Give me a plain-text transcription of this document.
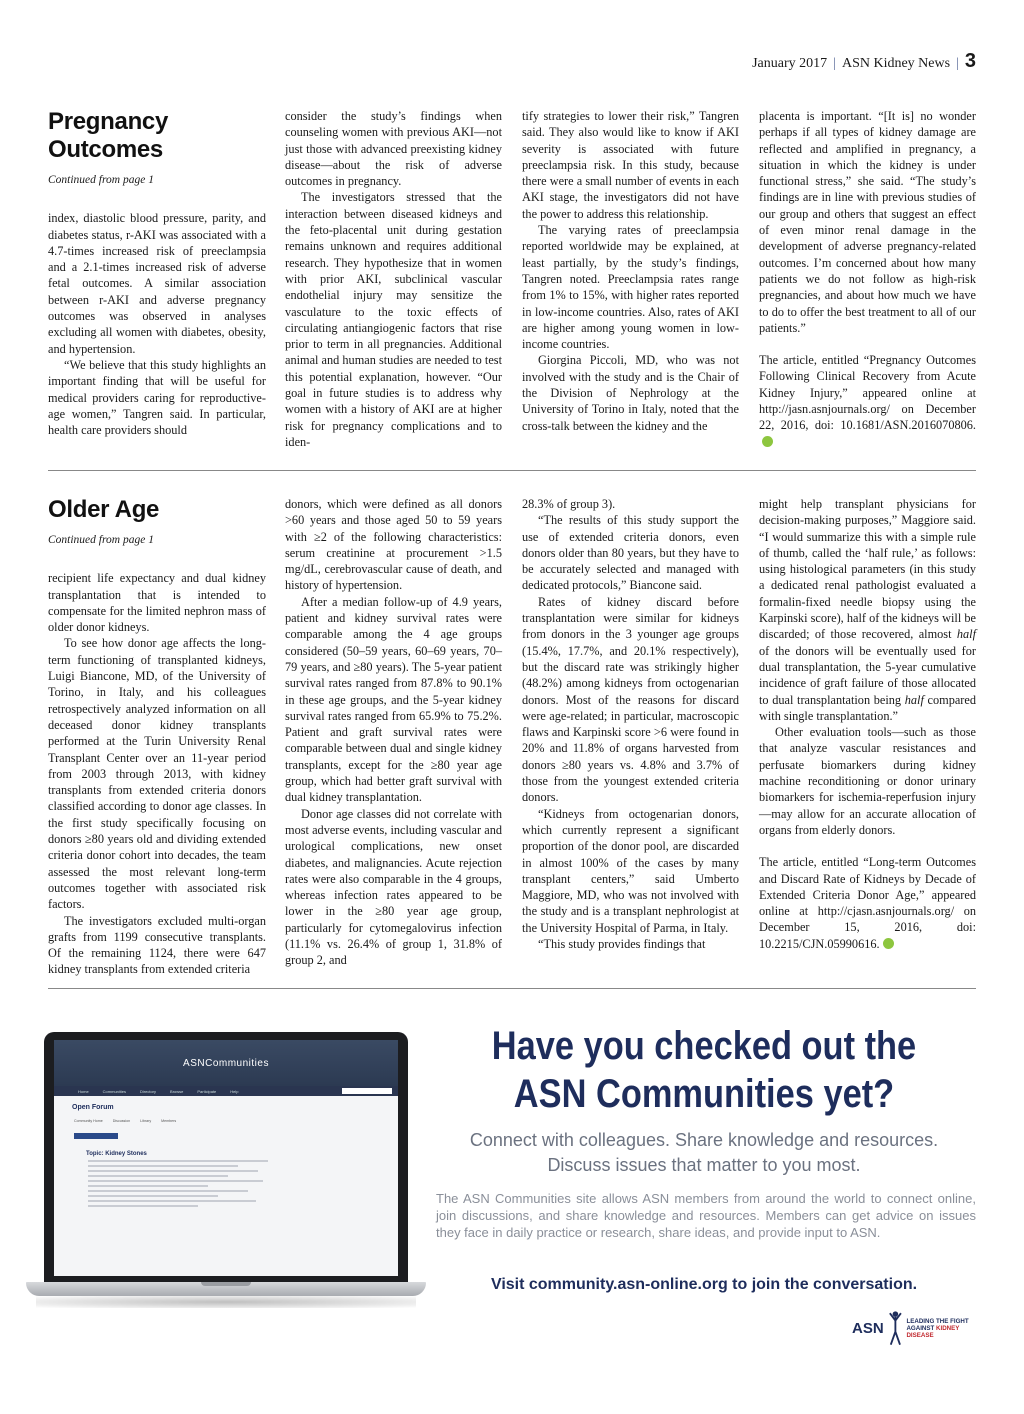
January 2017 | ASN Kidney News | 3
Pregnancy
Outcomes
Continued from page 1

index, diastolic blood pressure, parity, and diabetes status, r-AKI was associated with a 4.7-times increased risk of preeclampsia and a 2.1-times increased risk of adverse fetal outcomes. A similar association between r-AKI and adverse pregnancy outcomes was observed in analyses excluding all women with diabetes, obesity, and hypertension.

“We believe that this study highlights an important finding that will be useful for medical providers caring for reproductive-age women,” Tangren said. In particular, health care providers should

consider the study’s findings when counseling women with previous AKI—not just those with advanced preexisting kidney disease—about the risk of adverse outcomes in pregnancy.

The investigators stressed that the interaction between diseased kidneys and the feto-placental unit during gestation remains unknown and requires additional research. They hypothesize that in women with prior AKI, subclinical vascular endothelial injury may sensitize the vasculature to the toxic effects of circulating antiangiogenic factors that rise prior to term in all pregnancies. Additional animal and human studies are needed to test this potential explanation, however. “Our goal in future studies is to address why women with a history of AKI are at higher risk for pregnancy complications and to iden-

tify strategies to lower their risk,” Tangren said. They also would like to know if AKI severity is associated with future preeclampsia risk. In this study, because there were a small number of events in each AKI stage, the investigators did not have the power to address this relationship.

The varying rates of preeclampsia reported worldwide may be explained, at least partially, by the study’s findings, Tangren noted. Preeclampsia rates range from 1% to 15%, with higher rates reported in low-income countries. Also, rates of AKI are higher among young women in low-income countries.

Giorgina Piccoli, MD, who was not involved with the study and is the Chair of the Division of Nephrology at the University of Torino in Italy, noted that the cross-talk between the kidney and the

placenta is important. “[It is] no wonder perhaps if all types of kidney damage are reflected and amplified in pregnancy, a situation in which the kidney is under functional stress,” she said. “The study’s findings are in line with previous studies of our group and others that suggest an effect of even minor renal damage in the development of adverse pregnancy-related outcomes. I’m concerned about how many patients we do not follow as high-risk pregnancies, and about how much we have to do to offer the best treatment to all of our patients.”

The article, entitled “Pregnancy Outcomes Following Clinical Recovery from Acute Kidney Injury,” appeared online at http://jasn.asnjournals.org/ on December 22, 2016, doi: 10.1681/ASN.2016070806.

Older Age
Continued from page 1

recipient life expectancy and dual kidney transplantation that is intended to compensate for the limited nephron mass of older donor kidneys.

To see how donor age affects the long-term functioning of transplanted kidneys, Luigi Biancone, MD, of the University of Torino, in Italy, and his colleagues retrospectively analyzed information on all deceased donor kidney transplants performed at the Turin University Renal Transplant Center over an 11-year period from 2003 through 2013, with kidney transplants from extended criteria donors classified according to donor age classes. In the first study specifically focusing on donors ≥80 years old and dividing extended criteria donor cohort into decades, the team assessed the most relevant long-term outcomes together with associated risk factors.

The investigators excluded multi-organ grafts from 1199 consecutive transplants. Of the remaining 1124, there were 647 kidney transplants from extended criteria

donors, which were defined as all donors >60 years and those aged 50 to 59 years with ≥2 of the following characteristics: serum creatinine at procurement >1.5 mg/dL, cerebrovascular cause of death, and history of hypertension.

After a median follow-up of 4.9 years, patient and kidney survival rates were comparable among the 4 age groups considered (50–59 years, 60–69 years, 70–79 years, and ≥80 years). The 5-year patient survival rates ranged from 87.8% to 90.1% in these age groups, and the 5-year kidney survival rates ranged from 65.9% to 75.2%. Patient and graft survival rates were comparable between dual and single kidney transplants, except for the ≥80 year age group, which had better graft survival with dual kidney transplantation.

Donor age classes did not correlate with most adverse events, including vascular and urological complications, new onset diabetes, and malignancies. Acute rejection rates were also comparable in the 4 groups, whereas infection rates appeared to be lower in the ≥80 year age group, particularly for cytomegalovirus infection (11.1% vs. 26.4% of group 1, 31.8% of group 2, and

28.3% of group 3).

“The results of this study support the use of extended criteria donors, even donors older than 80 years, but they have to be accurately selected and managed with dedicated protocols,” Biancone said.

Rates of kidney discard before transplantation were similar for kidneys from donors in the 3 younger age groups (15.4%, 17.7%, and 20.1% respectively), but the discard rate was strikingly higher (48.2%) among kidneys from octogenarian donors. Most of the reasons for discard were age-related; in particular, macroscopic flaws and Karpinski score >6 were found in 20% and 11.8% of organs harvested from donors ≥80 years vs. 4.8% and 3.7% of those from the youngest extended criteria donors.

“Kidneys from octogenarian donors, which currently represent a significant proportion of the donor pool, are discarded in almost 100% of the cases by many transplant centers,” said Umberto Maggiore, MD, who was not involved with the study and is a transplant nephrologist at the University Hospital of Parma, in Italy.

“This study provides findings that

might help transplant physicians for decision-making purposes,” Maggiore said. “I would summarize this with a simple rule of thumb, called the ‘half rule,’ as follows: using histological parameters (in this study a dedicated renal pathologist evaluated a formalin-fixed needle biopsy using the Karpinski score), half of the kidneys will be discarded; of those recovered, almost half of the donors will be eventually used for dual transplantation, the 5-year cumulative incidence of graft failure of those allocated to dual transplantation being half compared with single transplantation.”

Other evaluation tools—such as those that analyze vascular resistances and perfusate biomarkers during kidney machine reconditioning or donor urinary biomarkers for ischemia-reperfusion injury—may allow for an accurate allocation of organs from elderly donors.

The article, entitled “Long-term Outcomes and Discard Rate of Kidneys by Decade of Extended Criteria Donor Age,” appeared online at http://cjasn.asnjournals.org/ on December 15, 2016, doi: 10.2215/CJN.05990616.

ASNCommunities
Home	Communities	Directory	Browse	Participate	Help
Open Forum
Community Home	Discussion	Library	Members
Topic: Kidney Stones
Have you checked out the
ASN Communities yet?
Connect with colleagues. Share knowledge and resources.
Discuss issues that matter to you most.
The ASN Communities site allows ASN members from around the world to connect online, join discussions, and share knowledge and resources. Members can get advice on issues they face in daily practice or research, share ideas, and provide input to ASN.
Visit community.asn-online.org to join the conversation.
ASN	LEADING THE FIGHT
AGAINST KIDNEY DISEASE
